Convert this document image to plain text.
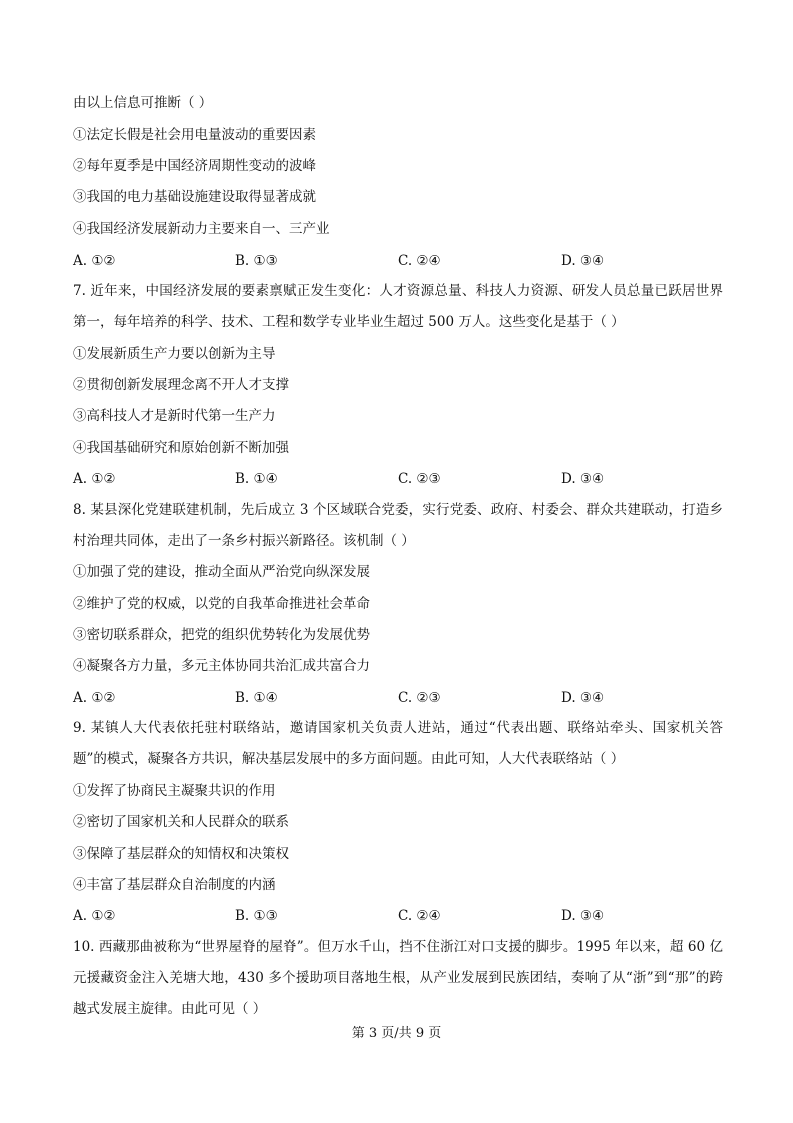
由以上信息可推断（ ）
①法定长假是社会用电量波动的重要因素
②每年夏季是中国经济周期性变动的波峰
③我国的电力基础设施建设取得显著成就
④我国经济发展新动力主要来自一、三产业
A. ①②	B. ①③	C. ②④	D. ③④
7. 近年来，中国经济发展的要素禀赋正发生变化：人才资源总量、科技人力资源、研发人员总量已跃居世界第一，每年培养的科学、技术、工程和数学专业毕业生超过 500 万人。这些变化是基于（ ）
①发展新质生产力要以创新为主导
②贯彻创新发展理念离不开人才支撑
③高科技人才是新时代第一生产力
④我国基础研究和原始创新不断加强
A. ①②	B. ①④	C. ②③	D. ③④
8. 某县深化党建联建机制，先后成立 3 个区域联合党委，实行党委、政府、村委会、群众共建联动，打造乡村治理共同体，走出了一条乡村振兴新路径。该机制（ ）
①加强了党的建设，推动全面从严治党向纵深发展
②维护了党的权威，以党的自我革命推进社会革命
③密切联系群众，把党的组织优势转化为发展优势
④凝聚各方力量，多元主体协同共治汇成共富合力
A. ①②	B. ①④	C. ②③	D. ③④
9. 某镇人大代表依托驻村联络站，邀请国家机关负责人进站，通过“代表出题、联络站牵头、国家机关答题”的模式，凝聚各方共识，解决基层发展中的多方面问题。由此可知，人大代表联络站（ ）
①发挥了协商民主凝聚共识的作用
②密切了国家机关和人民群众的联系
③保障了基层群众的知情权和决策权
④丰富了基层群众自治制度的内涵
A. ①②	B. ①③	C. ②④	D. ③④
10. 西藏那曲被称为“世界屋脊的屋脊”。但万水千山，挡不住浙江对口支援的脚步。1995 年以来，超 60 亿元援藏资金注入羌塘大地，430 多个援助项目落地生根，从产业发展到民族团结，奏响了从“浙”到“那”的跨越式发展主旋律。由此可见（ ）
第 3 页/共 9 页
